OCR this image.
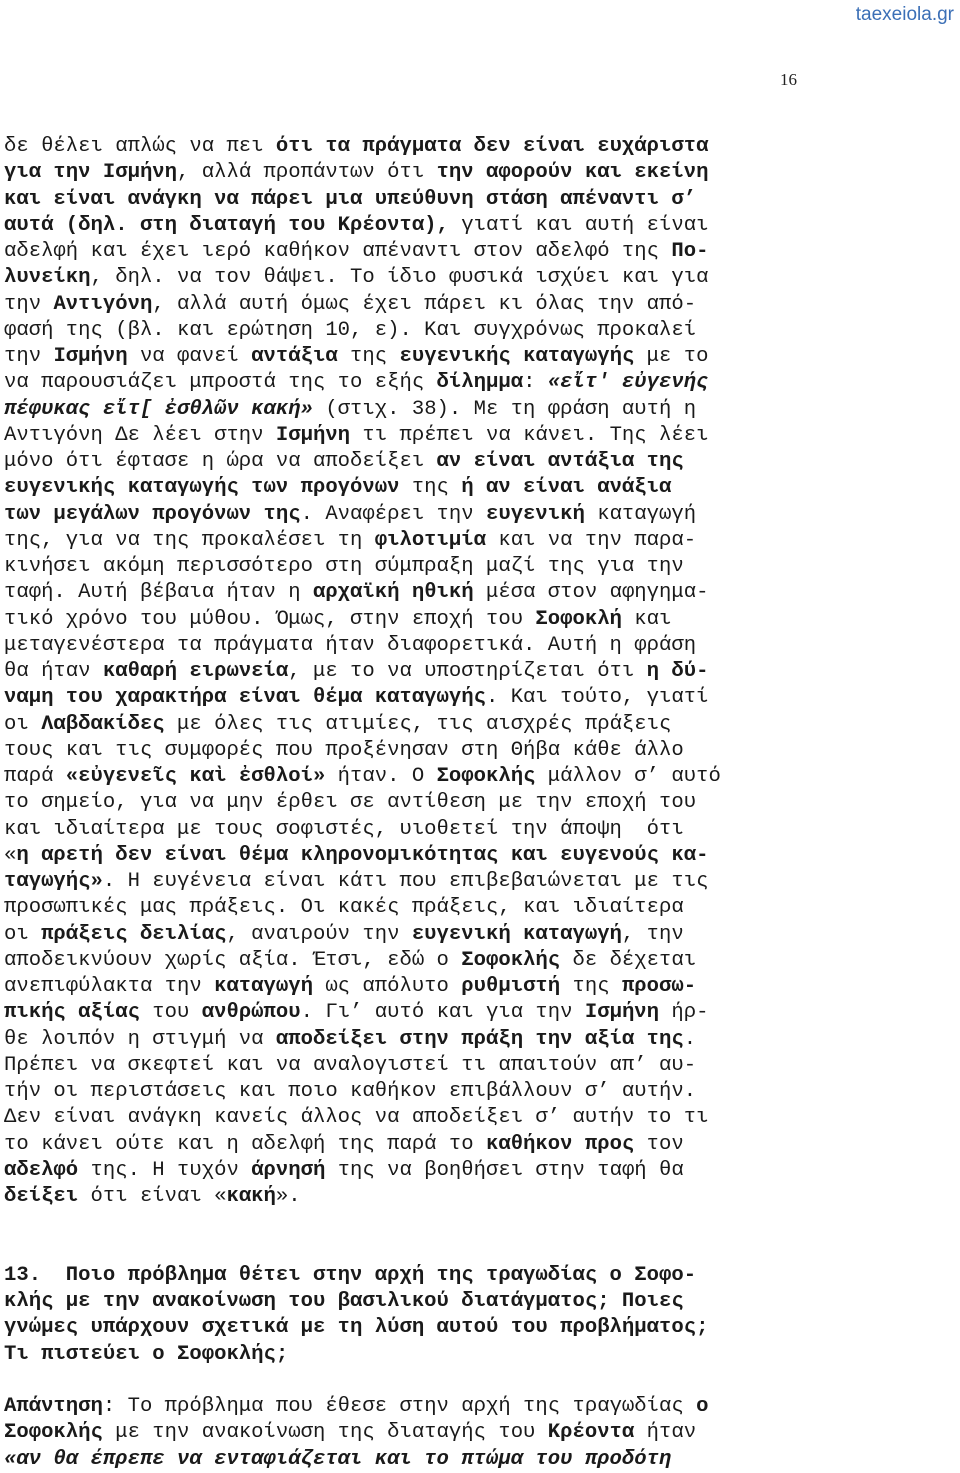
taexeiola.gr
16
δε θέλει απλώς να πει ότι τα πράγματα δεν είναι ευχάριστα
για την Ισμήνη, αλλά προπάντων ότι την αφορούν και εκείνη
και είναι ανάγκη να πάρει μια υπεύθυνη στάση απέναντι σ’
αυτά (δηλ. στη διαταγή του Κρέοντα), γιατί και αυτή είναι
αδελφή και έχει ιερό καθήκον απέναντι στον αδελφό της Πο-
λυνείκη, δηλ. να τον θάψει. Το ίδιο φυσικά ισχύει και για
την Αντιγόνη, αλλά αυτή όμως έχει πάρει κι όλας την από-
φασή της (βλ. και ερώτηση 10, ε). Και συγχρόνως προκαλεί
την Ισμήνη να φανεί αντάξια της ευγενικής καταγωγής με το
να παρουσιάζει μπροστά της το εξής δίλημμα: «εἴτ' εὐγενής
πέφυκας εἴτ[ ἐσθλῶν κακή» (στιχ. 38). Με τη φράση αυτή η
Αντιγόνη Δε λέει στην Ισμήνη τι πρέπει να κάνει. Της λέει
μόνο ότι έφτασε η ώρα να αποδείξει αν είναι αντάξια της
ευγενικής καταγωγής των προγόνων της ή αν είναι ανάξια
των μεγάλων προγόνων της. Αναφέρει την ευγενική καταγωγή
της, για να της προκαλέσει τη φιλοτιμία και να την παρα-
κινήσει ακόμη περισσότερο στη σύμπραξη μαζί της για την
ταφή. Αυτή βέβαια ήταν η αρχαϊκή ηθική μέσα στον αφηγημα-
τικό χρόνο του μύθου. Όμως, στην εποχή του Σοφοκλή και
μεταγενέστερα τα πράγματα ήταν διαφορετικά. Αυτή η φράση
θα ήταν καθαρή ειρωνεία, με το να υποστηρίζεται ότι η δύ-
ναμη του χαρακτήρα είναι θέμα καταγωγής. Και τούτο, γιατί
οι Λαβδακίδες με όλες τις ατιμίες, τις αισχρές πράξεις
τους και τις συμφορές που προξένησαν στη Θήβα κάθε άλλο
παρά «εὐγενεῖς καὶ ἐσθλοί» ήταν. Ο Σοφοκλής μάλλον σ’ αυτό
το σημείο, για να μην έρθει σε αντίθεση με την εποχή του
και ιδιαίτερα με τους σοφιστές, υιοθετεί την άποψη  ότι
«η αρετή δεν είναι θέμα κληρονομικότητας και ευγενούς κα-
ταγωγής». Η ευγένεια είναι κάτι που επιβεβαιώνεται με τις
προσωπικές μας πράξεις. Οι κακές πράξεις, και ιδιαίτερα
οι πράξεις δειλίας, αναιρούν την ευγενική καταγωγή, την
αποδεικνύουν χωρίς αξία. Έτσι, εδώ ο Σοφοκλής δε δέχεται
ανεπιφύλακτα την καταγωγή ως απόλυτο ρυθμιστή της προσω-
πικής αξίας του ανθρώπου. Γι’ αυτό και για την Ισμήνη ήρ-
θε λοιπόν η στιγμή να αποδείξει στην πράξη την αξία της.
Πρέπει να σκεφτεί και να αναλογιστεί τι απαιτούν απ’ αυ-
τήν οι περιστάσεις και ποιο καθήκον επιβάλλουν σ’ αυτήν.
Δεν είναι ανάγκη κανείς άλλος να αποδείξει σ’ αυτήν το τι
το κάνει ούτε και η αδελφή της παρά το καθήκον προς τον
αδελφό της. Η τυχόν άρνησή της να βοηθήσει στην ταφή θα
δείξει ότι είναι «κακή».
13.  Ποιο πρόβλημα θέτει στην αρχή της τραγωδίας ο Σοφο-
κλής με την ανακοίνωση του βασιλικού διατάγματος; Ποιες
γνώμες υπάρχουν σχετικά με τη λύση αυτού του προβλήματος;
Τι πιστεύει ο Σοφοκλής;
Απάντηση: Το πρόβλημα που έθεσε στην αρχή της τραγωδίας ο
Σοφοκλής με την ανακοίνωση της διαταγής του Κρέοντα ήταν
«αν θα έπρεπε να ενταφιάζεται και το πτώμα του προδότη
